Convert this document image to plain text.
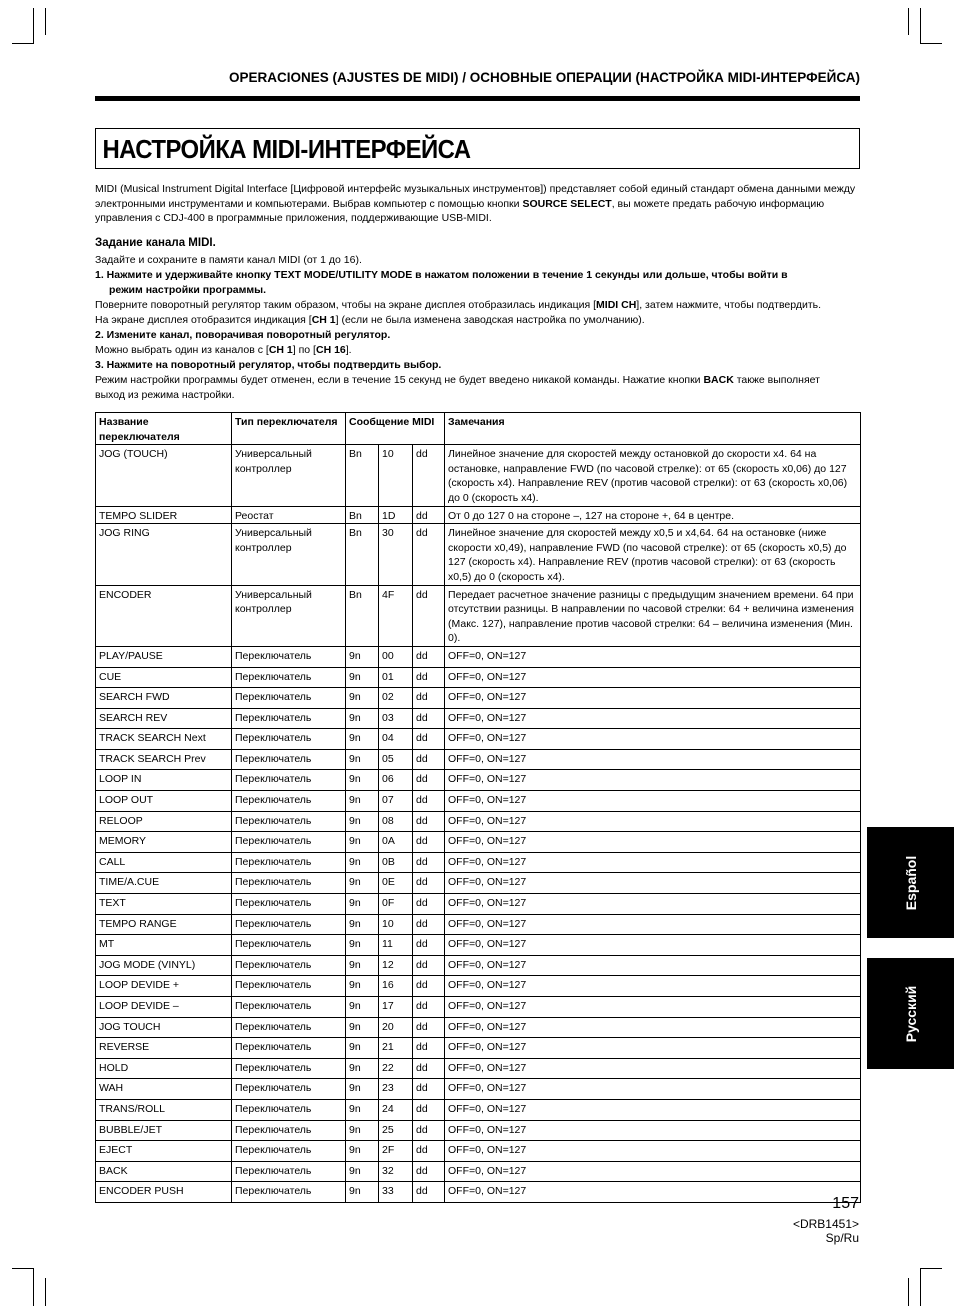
OPERACIONES (AJUSTES DE MIDI) / ОСНОВНЫЕ ОПЕРАЦИИ (НАСТРОЙКА MIDI-ИНТЕРФЕЙСА)
НАСТРОЙКА MIDI-ИНТЕРФЕЙСА
MIDI (Musical Instrument Digital Interface [Цифровой интерфейс музыкальных инструментов]) представляет собой единый стандарт обмена данными между электронными инструментами и компьютерами. Выбрав компьютер с помощью кнопки SOURCE SELECT, вы можете предать рабочую информацию управления с CDJ-400 в программные приложения, поддерживающие USB-MIDI.
Задание канала MIDI.
Задайте и сохраните в памяти канал MIDI (от 1 до 16).
1. Нажмите и удерживайте кнопку TEXT MODE/UTILITY MODE в нажатом положении в течение 1 секунды или дольше, чтобы войти в
режим настройки программы.
Поверните поворотный регулятор таким образом, чтобы на экране дисплея отобразилась индикация [MIDI CH], затем нажмите, чтобы подтвердить.
На экране дисплея отобразится индикация [CH 1] (если не была изменена заводская настройка по умолчанию).
2. Измените канал, поворачивая поворотный регулятор.
Можно выбрать один из каналов с [CH 1] по [CH 16].
3. Нажмите на поворотный регулятор, чтобы подтвердить выбор.
Режим настройки программы будет отменен, если в течение 15 секунд не будет введено никакой команды. Нажатие кнопки BACK также выполняет
выход из режима настройки.
Название переключателя	Тип переключателя	Сообщение MIDI			Замечания
JOG (TOUCH)	Универсальный контроллер	Bn	10	dd	Линейное значение для скоростей между остановкой до скорости x4. 64 на остановке, направление FWD (по часовой стрелке): от 65 (скорость x0,06) до 127 (скорость x4). Направление REV (против часовой стрелки): от 63 (скорость x0,06) до 0 (скорость x4).
TEMPO SLIDER	Реостат	Bn	1D	dd	От 0 до 127 0 на стороне –, 127 на стороне +, 64 в центре.
JOG RING	Универсальный контроллер	Bn	30	dd	Линейное значение для скоростей между x0,5 и x4,64. 64 на остановке (ниже скорости x0,49), направление FWD (по часовой стрелке): от 65 (скорость x0,5) до 127 (скорость x4). Направление REV (против часовой стрелки): от 63 (скорость x0,5) до 0 (скорость x4).
ENCODER	Универсальный контроллер	Bn	4F	dd	Передает расчетное значение разницы с предыдущим значением времени. 64 при отсутствии разницы. В направлении по часовой стрелки: 64 + величина изменения (Макс. 127), направление против часовой стрелки: 64 – величина изменения (Мин. 0).
PLAY/PAUSE	Переключатель	9n	00	dd	OFF=0, ON=127
CUE	Переключатель	9n	01	dd	OFF=0, ON=127
SEARCH FWD	Переключатель	9n	02	dd	OFF=0, ON=127
SEARCH REV	Переключатель	9n	03	dd	OFF=0, ON=127
TRACK SEARCH Next	Переключатель	9n	04	dd	OFF=0, ON=127
TRACK SEARCH Prev	Переключатель	9n	05	dd	OFF=0, ON=127
LOOP IN	Переключатель	9n	06	dd	OFF=0, ON=127
LOOP OUT	Переключатель	9n	07	dd	OFF=0, ON=127
RELOOP	Переключатель	9n	08	dd	OFF=0, ON=127
MEMORY	Переключатель	9n	0A	dd	OFF=0, ON=127
CALL	Переключатель	9n	0B	dd	OFF=0, ON=127
TIME/A.CUE	Переключатель	9n	0E	dd	OFF=0, ON=127
TEXT	Переключатель	9n	0F	dd	OFF=0, ON=127
TEMPO RANGE	Переключатель	9n	10	dd	OFF=0, ON=127
MT	Переключатель	9n	11	dd	OFF=0, ON=127
JOG MODE (VINYL)	Переключатель	9n	12	dd	OFF=0, ON=127
LOOP DEVIDE +	Переключатель	9n	16	dd	OFF=0, ON=127
LOOP DEVIDE –	Переключатель	9n	17	dd	OFF=0, ON=127
JOG TOUCH	Переключатель	9n	20	dd	OFF=0, ON=127
REVERSE	Переключатель	9n	21	dd	OFF=0, ON=127
HOLD	Переключатель	9n	22	dd	OFF=0, ON=127
WAH	Переключатель	9n	23	dd	OFF=0, ON=127
TRANS/ROLL	Переключатель	9n	24	dd	OFF=0, ON=127
BUBBLE/JET	Переключатель	9n	25	dd	OFF=0, ON=127
EJECT	Переключатель	9n	2F	dd	OFF=0, ON=127
BACK	Переключатель	9n	32	dd	OFF=0, ON=127
ENCODER PUSH	Переключатель	9n	33	dd	OFF=0, ON=127
Español
Русский
157
<DRB1451>
Sp/Ru
